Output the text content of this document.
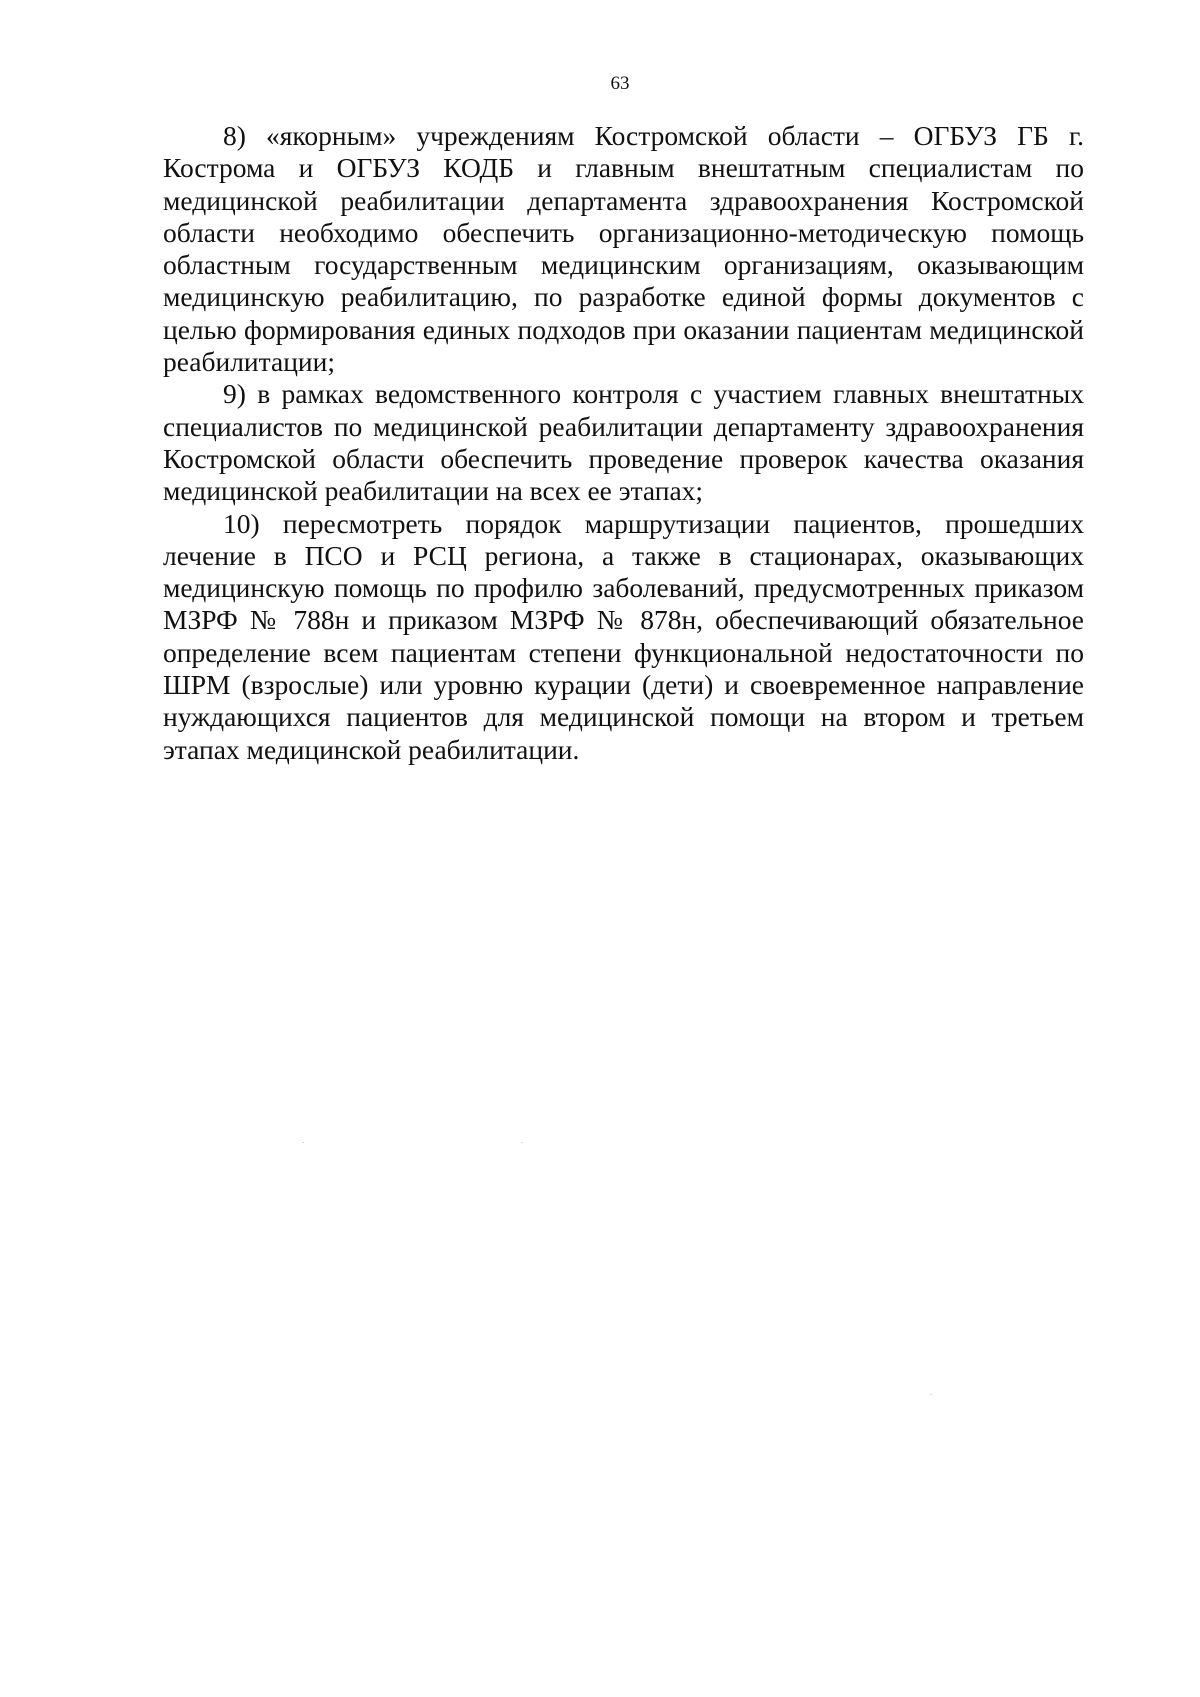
63

8) «якорным» учреждениям Костромской области – ОГБУЗ ГБ г. Кострома и ОГБУЗ КОДБ и главным внештатным специалистам по медицинской реабилитации департамента здравоохранения Костромской области необходимо обеспечить организационно-методическую помощь областным государственным медицинским организациям, оказывающим медицинскую реабилитацию, по разработке единой формы документов с целью формирования единых подходов при оказании пациентам медицинской реабилитации;

9) в рамках ведомственного контроля с участием главных внештатных специалистов по медицинской реабилитации департаменту здравоохранения Костромской области обеспечить проведение проверок качества оказания медицинской реабилитации на всех ее этапах;

10) пересмотреть порядок маршрутизации пациентов, прошедших лечение в ПСО и РСЦ региона, а также в стационарах, оказывающих медицинскую помощь по профилю заболеваний, предусмотренных приказом МЗРФ № 788н и приказом МЗРФ № 878н, обеспечивающий обязательное определение всем пациентам степени функциональной недостаточности по ШРМ (взрослые) или уровню курации (дети) и своевременное направление нуждающихся пациентов для медицинской помощи на втором и третьем этапах медицинской реабилитации.
